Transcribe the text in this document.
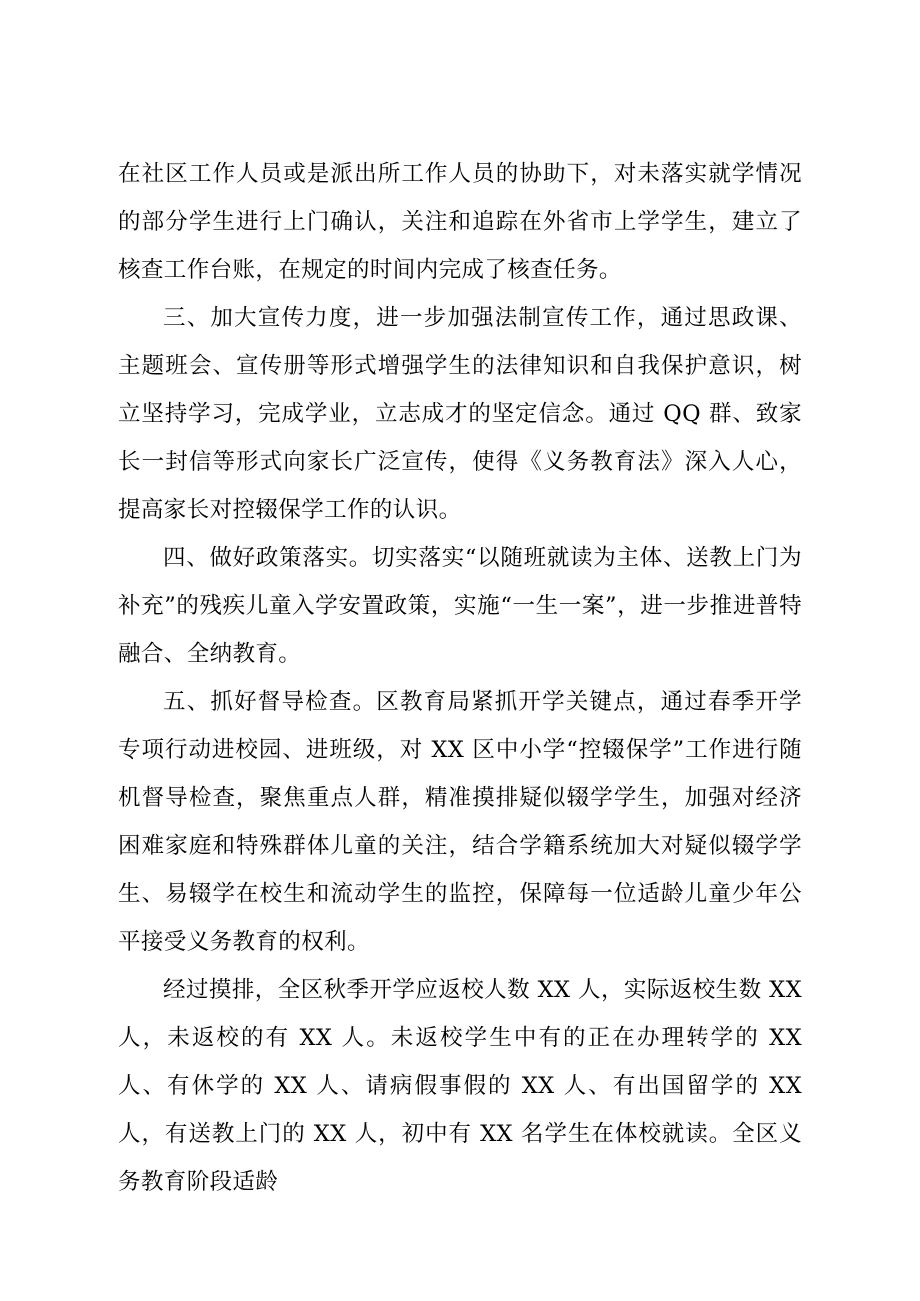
在社区工作人员或是派出所工作人员的协助下，对未落实就学情况的部分学生进行上门确认，关注和追踪在外省市上学学生，建立了核查工作台账，在规定的时间内完成了核查任务。

三、加大宣传力度，进一步加强法制宣传工作，通过思政课、主题班会、宣传册等形式增强学生的法律知识和自我保护意识，树立坚持学习，完成学业，立志成才的坚定信念。通过 QQ 群、致家长一封信等形式向家长广泛宣传，使得《义务教育法》深入人心，提高家长对控辍保学工作的认识。

四、做好政策落实。切实落实“以随班就读为主体、送教上门为补充”的残疾儿童入学安置政策，实施“一生一案”，进一步推进普特融合、全纳教育。

五、抓好督导检查。区教育局紧抓开学关键点，通过春季开学专项行动进校园、进班级，对 XX 区中小学“控辍保学”工作进行随机督导检查，聚焦重点人群，精准摸排疑似辍学学生，加强对经济困难家庭和特殊群体儿童的关注，结合学籍系统加大对疑似辍学学生、易辍学在校生和流动学生的监控，保障每一位适龄儿童少年公平接受义务教育的权利。

经过摸排，全区秋季开学应返校人数 XX 人，实际返校生数 XX 人，未返校的有 XX 人。未返校学生中有的正在办理转学的 XX 人、有休学的 XX 人、请病假事假的 XX 人、有出国留学的 XX 人，有送教上门的 XX 人，初中有 XX 名学生在体校就读。全区义务教育阶段适龄
